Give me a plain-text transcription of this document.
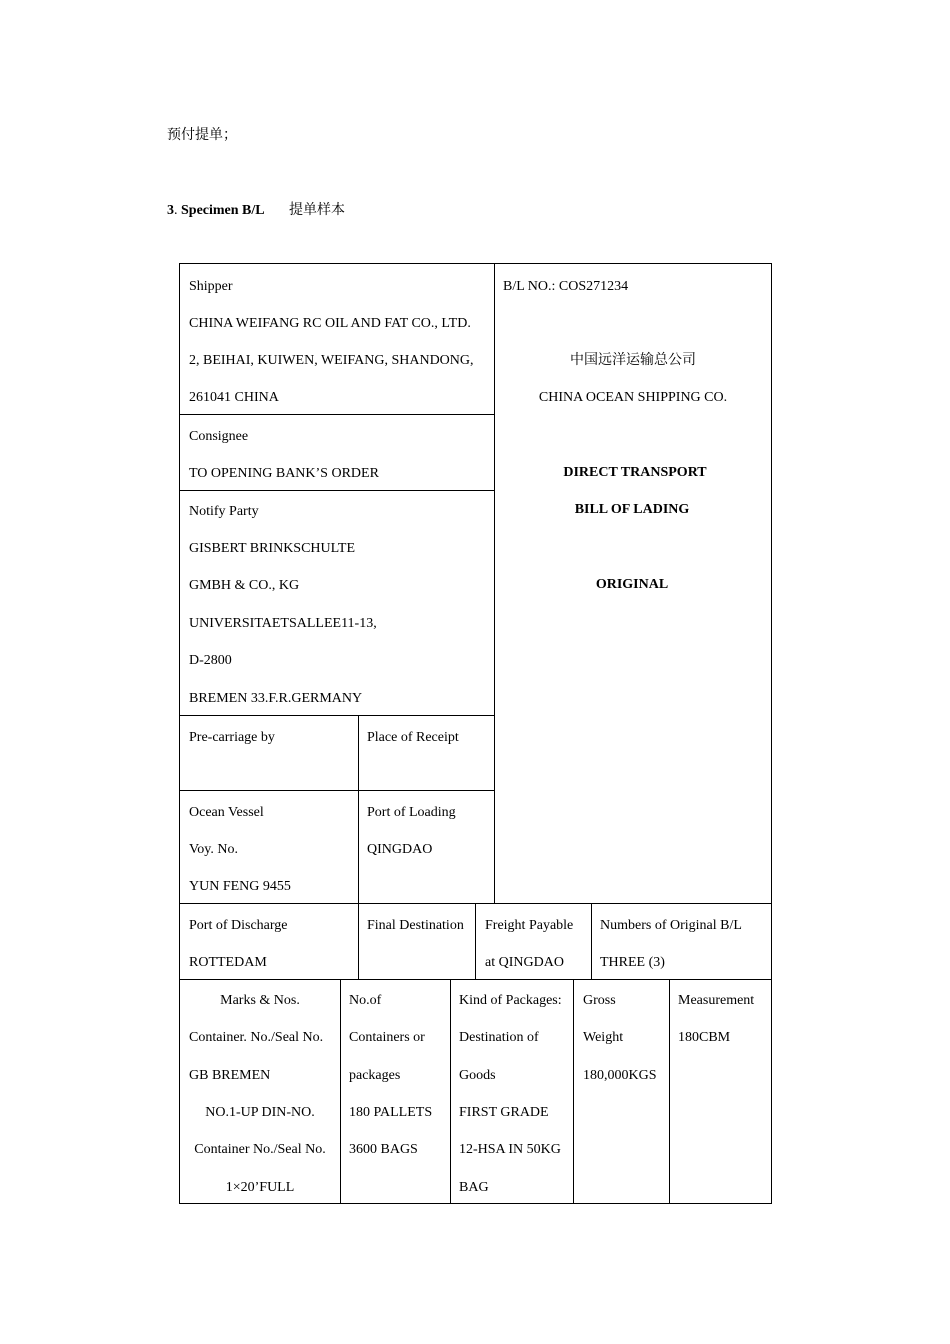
预付提单；
3. Specimen B/L 提单样本
Shipper
CHINA WEIFANG RC OIL AND FAT CO., LTD.
2, BEIHAI, KUIWEN, WEIFANG, SHANDONG,
261041 CHINA
B/L NO.: COS271234
中国远洋运输总公司
CHINA OCEAN SHIPPING CO.
DIRECT TRANSPORT
BILL OF LADING
ORIGINAL
Consignee
TO OPENING BANK’S ORDER
Notify Party
GISBERT BRINKSCHULTE
GMBH & CO., KG
UNIVERSITAETSALLEE11-13,
D-2800
BREMEN 33.F.R.GERMANY
Pre-carriage by	Place of Receipt
Ocean Vessel
Voy. No.
YUN FENG 9455
Port of Loading
QINGDAO
Port of Discharge
ROTTEDAM
Final Destination Freight Payable
at QINGDAO
Numbers of Original B/L
THREE (3)
Marks & Nos.
Container. No./Seal No.
GB BREMEN
NO.1-UP DIN-NO.
Container No./Seal No.
1×20’FULL
No.of
Containers or
packages
180 PALLETS
3600 BAGS
Kind of Packages:
Destination of
Goods
FIRST GRADE
12-HSA IN 50KG
BAG
Gross
Weight
180,000KGS
Measurement
180CBM
